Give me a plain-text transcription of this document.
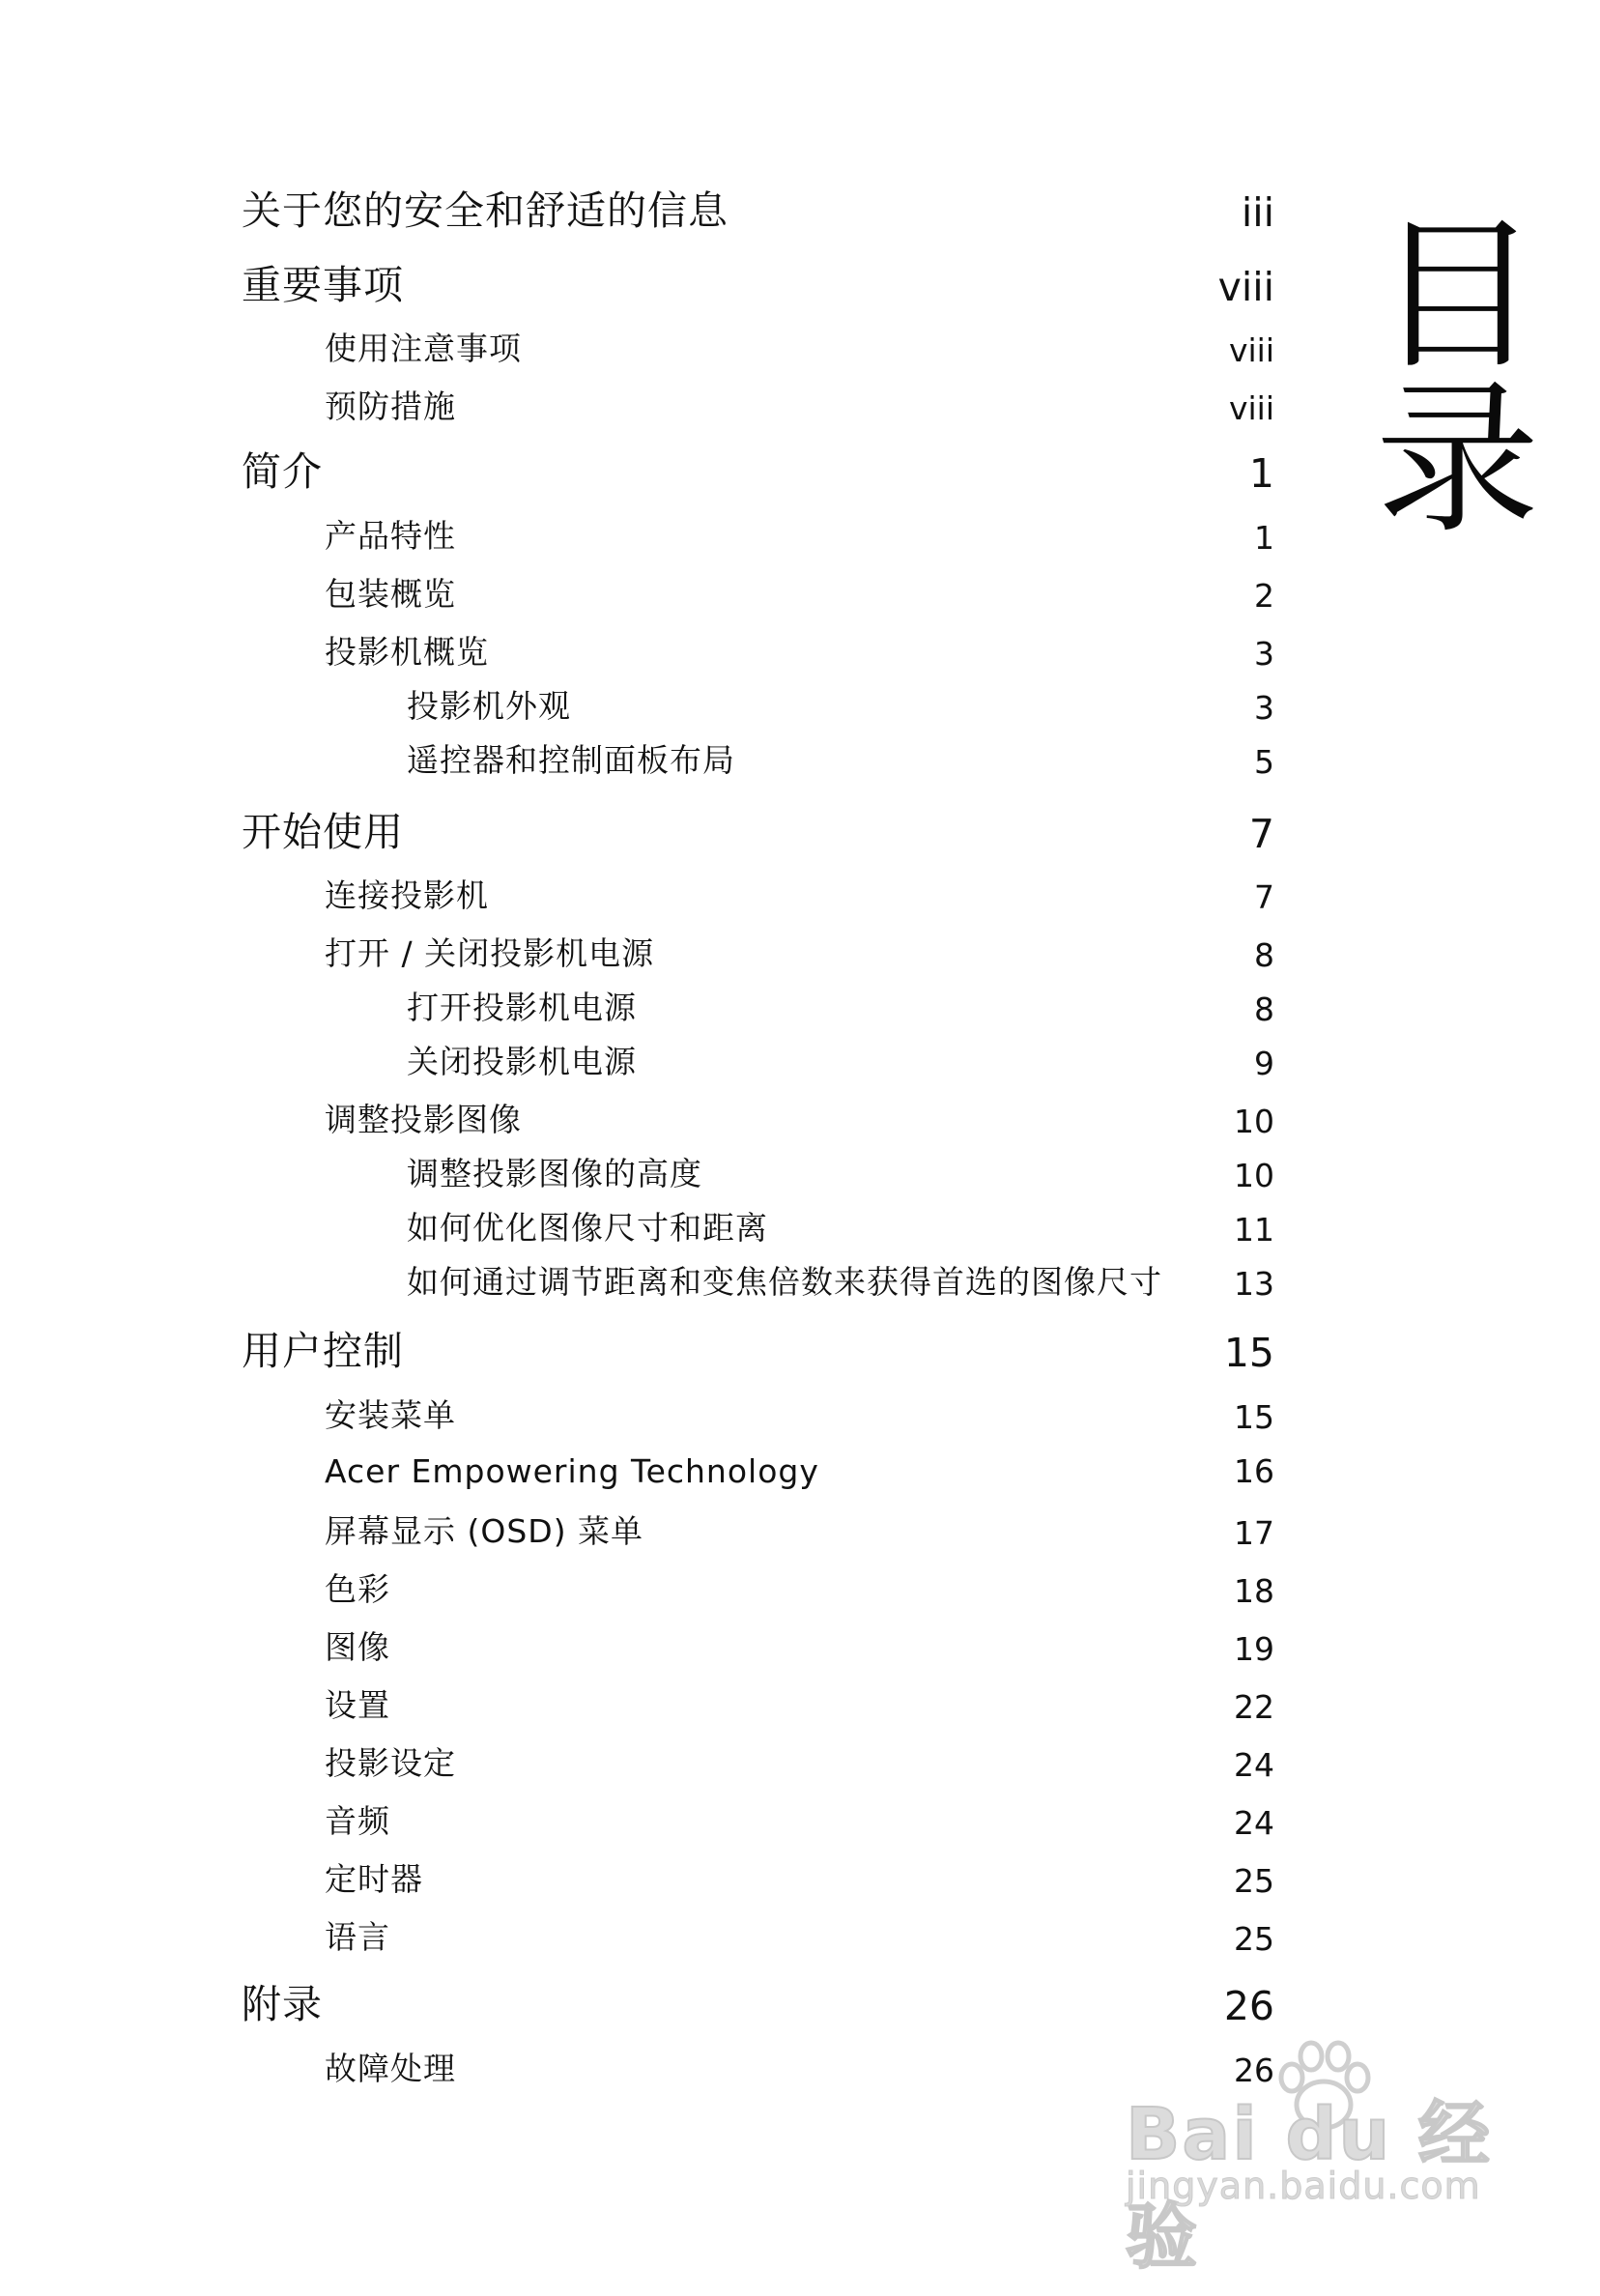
关于您的安全和舒适的信息	iii
重要事项	viii
使用注意事项	viii
预防措施	viii
简介	1
产品特性	1
包装概览	2
投影机概览	3
投影机外观	3
遥控器和控制面板布局	5
开始使用	7
连接投影机	7
打开 / 关闭投影机电源	8
打开投影机电源	8
关闭投影机电源	9
调整投影图像	10
调整投影图像的高度	10
如何优化图像尺寸和距离	11
如何通过调节距离和变焦倍数来获得首选的图像尺寸 13
用户控制	15
安装菜单	15
Acer Empowering Technology	16
屏幕显示 (OSD) 菜单	17
色彩	18
图像	19
设置	22
投影设定	24
音频	24
定时器	25
语言	25
附录	26
故障处理	26
目录
Bai du 经验
jingyan.baidu.com
